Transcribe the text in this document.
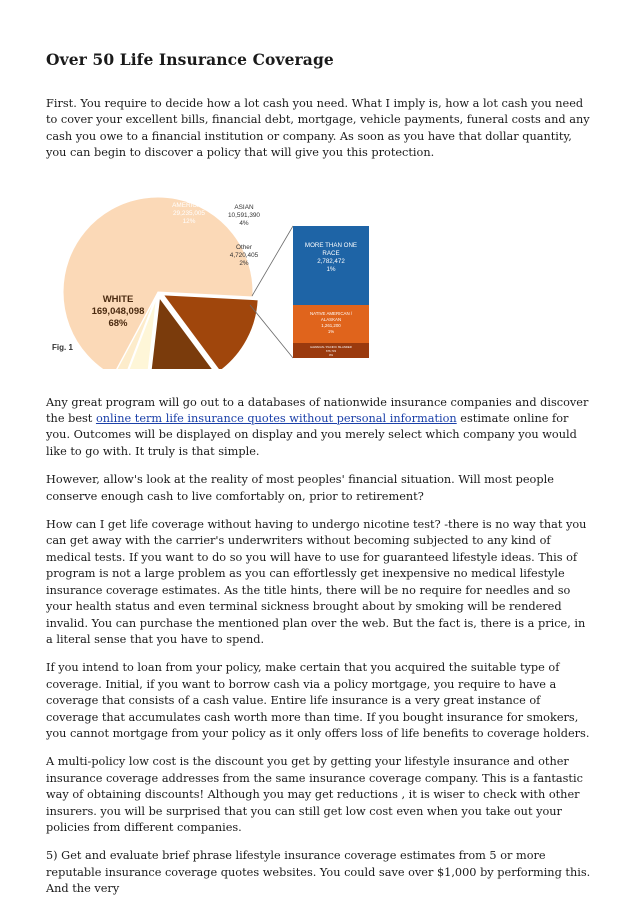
Over 50 Life Insurance Coverage

First. You require to decide how a lot cash you need. What I imply is, how a lot cash you need to cover your excellent bills, financial debt, mortgage, vehicle payments, funeral costs and any cash you owe to a financial institution or company. As soon as you have that dollar quantity, you can begin to discover a policy that will give you this protection.

HISPANIC
34,250,310
14%	AFRICAN
AMERICAN
29,235,005
12%
MORE THAN ONE
RACE
2,782,472
1%
NATIVE AMERICAN /
ALASKAN
1,261,200
1%
HAWAIIAN / PACIFIC ISLANDER
676,733
0%
ASIAN
10,591,390
4%
Other
4,720,405
2%
WHITE
169,048,098
68%
Fig. 1

Any great program will go out to a databases of nationwide insurance companies and discover the best online term life insurance quotes without personal information estimate online for you. Outcomes will be displayed on display and you merely select which company you would like to go with. It truly is that simple.

However, allow's look at the reality of most peoples' financial situation. Will most people conserve enough cash to live comfortably on, prior to retirement?

How can I get life coverage without having to undergo nicotine test? -there is no way that you can get away with the carrier's underwriters without becoming subjected to any kind of medical tests. If you want to do so you will have to use for guaranteed lifestyle ideas. This of program is not a large problem as you can effortlessly get inexpensive no medical lifestyle insurance coverage estimates. As the title hints, there will be no require for needles and so your health status and even terminal sickness brought about by smoking will be rendered invalid. You can purchase the mentioned plan over the web. But the fact is, there is a price, in a literal sense that you have to spend.

If you intend to loan from your policy, make certain that you acquired the suitable type of coverage. Initial, if you want to borrow cash via a policy mortgage, you require to have a coverage that consists of a cash value. Entire life insurance is a very great instance of coverage that accumulates cash worth more than time. If you bought insurance for smokers, you cannot mortgage from your policy as it only offers loss of life benefits to coverage holders.

A multi-policy low cost is the discount you get by getting your lifestyle insurance and other insurance coverage addresses from the same insurance coverage company. This is a fantastic way of obtaining discounts! Although you may get reductions , it is wiser to check with other insurers. you will be surprised that you can still get low cost even when you take out your policies from different companies.

5) Get and evaluate brief phrase lifestyle insurance coverage estimates from 5 or more reputable insurance coverage quotes websites. You could save over $1,000 by performing this. And the very
